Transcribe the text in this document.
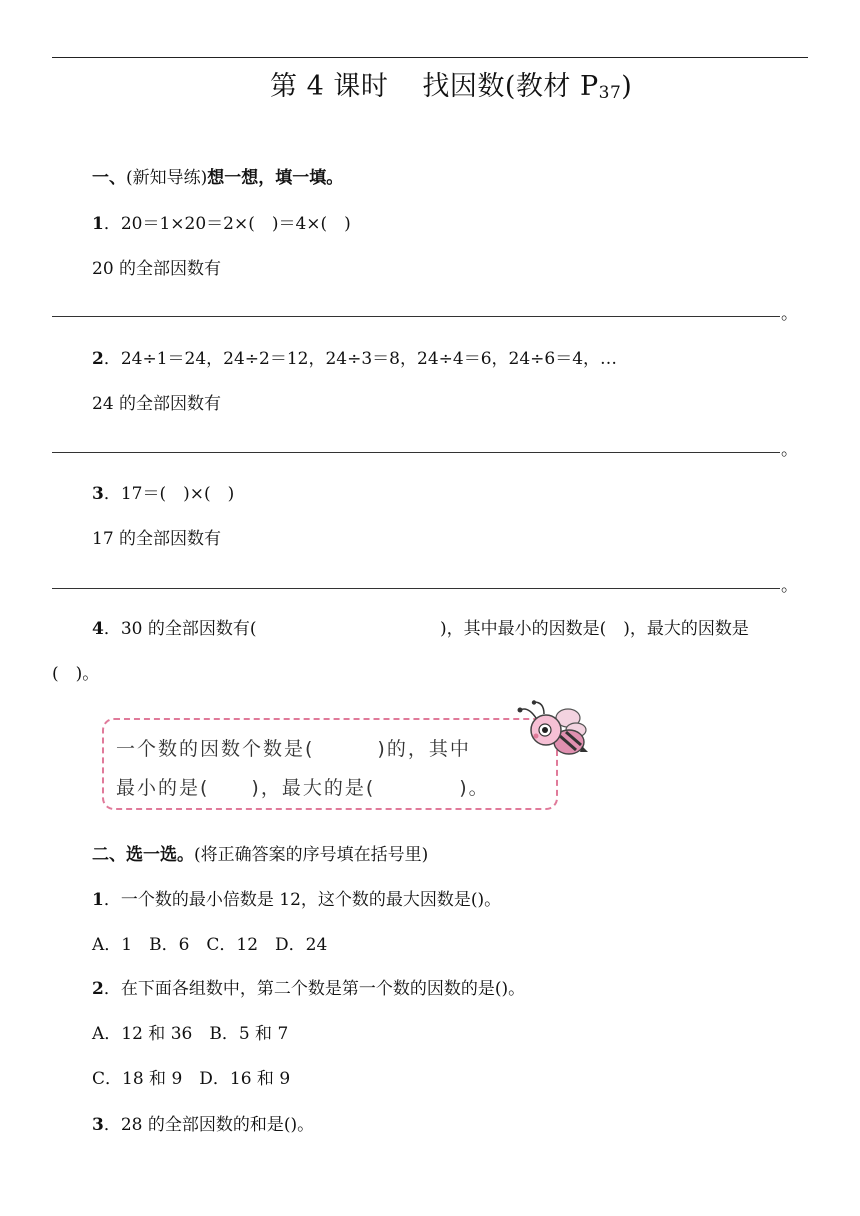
第 4 课时 找因数(教材 $P_{37}$)
一、(新知导练)想一想，填一填。
1．20＝1×20＝2×(　)＝4×(　)
20 的全部因数有
。
2．24÷1＝24，24÷2＝12，24÷3＝8，24÷4＝6，24÷6＝4，…
24 的全部因数有
。
3．17＝(　)×(　)
17 的全部因数有
。
4．30 的全部因数有(	)，其中最小的因数是(　)，最大的因数是
(　)。
一个数的因数个数是(　　　)的，其中
最小的是(　　)，最大的是(　　　　)。
二、选一选。(将正确答案的序号填在括号里)
1．一个数的最小倍数是 12，这个数的最大因数是()。
A．1　B．6　C．12　D．24
2．在下面各组数中，第二个数是第一个数的因数的是()。
A．12 和 36　B．5 和 7
C．18 和 9　D．16 和 9
3．28 的全部因数的和是()。
